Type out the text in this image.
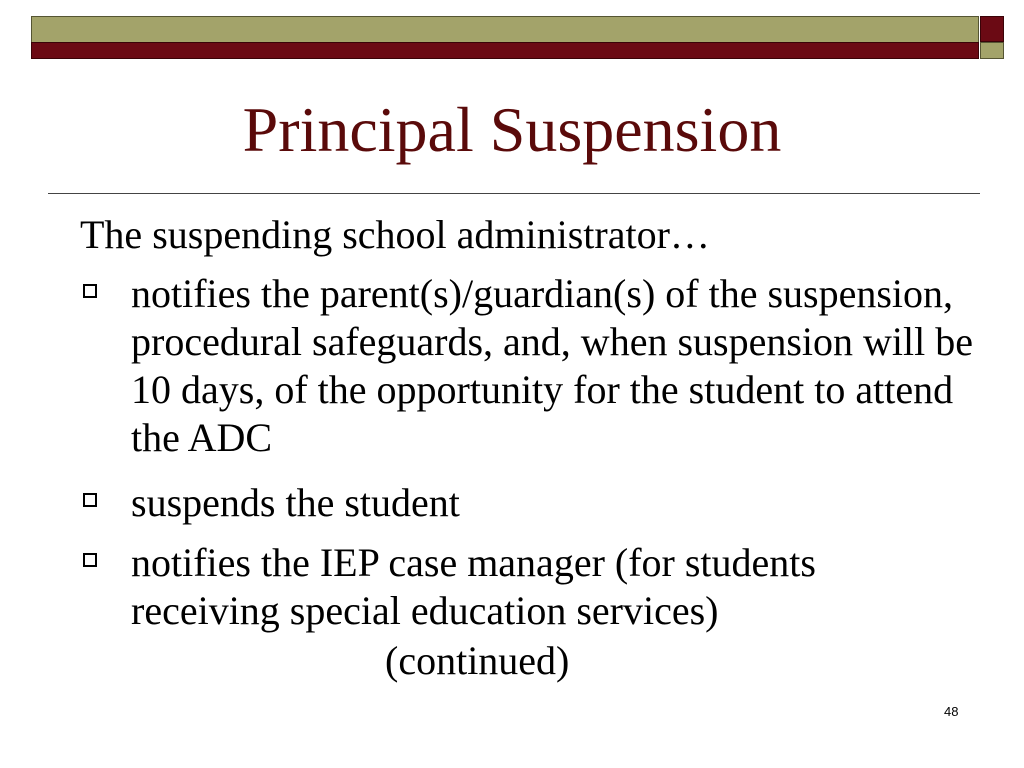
Principal Suspension
The suspending school administrator…
notifies the parent(s)/guardian(s) of the suspension, procedural safeguards, and, when suspension will be 10 days, of the opportunity for the student to attend the ADC
suspends the student
notifies the IEP case manager (for students receiving special education services)
(continued)
48
